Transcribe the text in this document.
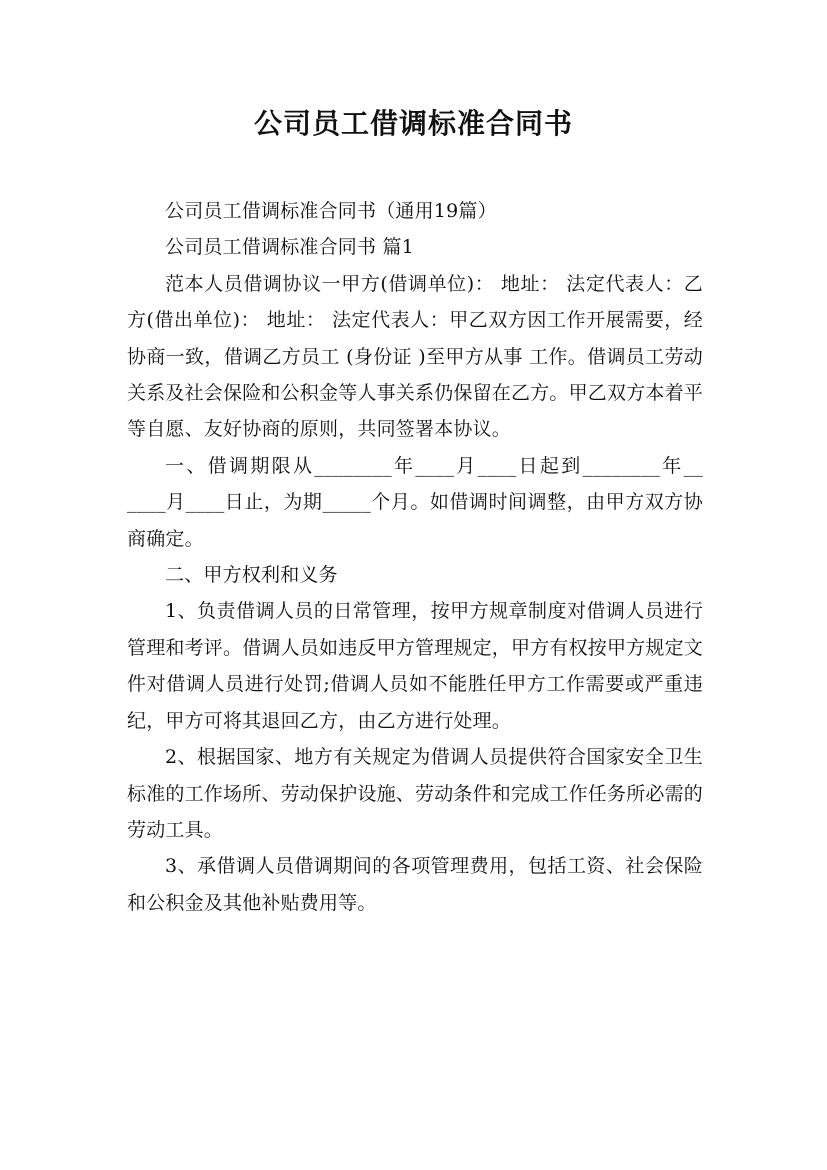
公司员工借调标准合同书

公司员工借调标准合同书（通用19篇）

公司员工借调标准合同书 篇1

范本人员借调协议一甲方(借调单位)： 地址： 法定代表人：乙方(借出单位)： 地址： 法定代表人：甲乙双方因工作开展需要，经协商一致，借调乙方员工 (身份证 )至甲方从事 工作。借调员工劳动关系及社会保险和公积金等人事关系仍保留在乙方。甲乙双方本着平等自愿、友好协商的原则，共同签署本协议。

一、借调期限从________年____月____日起到________年__ ____月____日止，为期_____个月。如借调时间调整，由甲方双方协商确定。

二、甲方权利和义务

1、负责借调人员的日常管理，按甲方规章制度对借调人员进行管理和考评。借调人员如违反甲方管理规定，甲方有权按甲方规定文件对借调人员进行处罚;借调人员如不能胜任甲方工作需要或严重违纪，甲方可将其退回乙方，由乙方进行处理。

2、根据国家、地方有关规定为借调人员提供符合国家安全卫生标准的工作场所、劳动保护设施、劳动条件和完成工作任务所必需的劳动工具。

3、承借调人员借调期间的各项管理费用，包括工资、社会保险和公积金及其他补贴费用等。
